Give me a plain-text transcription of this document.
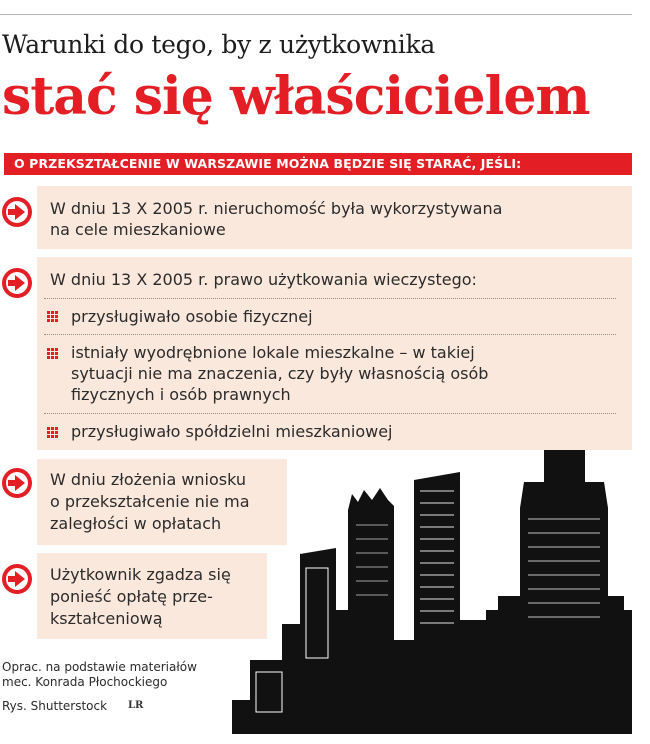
Warunki do tego, by z użytkownika
stać się właścicielem
O PRZEKSZTAŁCENIE W WARSZAWIE MOŻNA BĘDZIE SIĘ STARAĆ, JEŚLI:
W dniu 13 X 2005 r. nieruchomość była wykorzystywana
na cele mieszkaniowe
W dniu 13 X 2005 r. prawo użytkowania wieczystego:
przysługiwało osobie fizycznej
istniały wyodrębnione lokale mieszkalne – w takiej
sytuacji nie ma znaczenia, czy były własnością osób
fizycznych i osób prawnych
przysługiwało spółdzielni mieszkaniowej
W dniu złożenia wniosku
o przekształcenie nie ma
zaległości w opłatach
Użytkownik zgadza się
ponieść opłatę prze-
kształceniową
Oprac. na podstawie materiałów
mec. Konrada Płochockiego
Rys. Shutterstock LR
